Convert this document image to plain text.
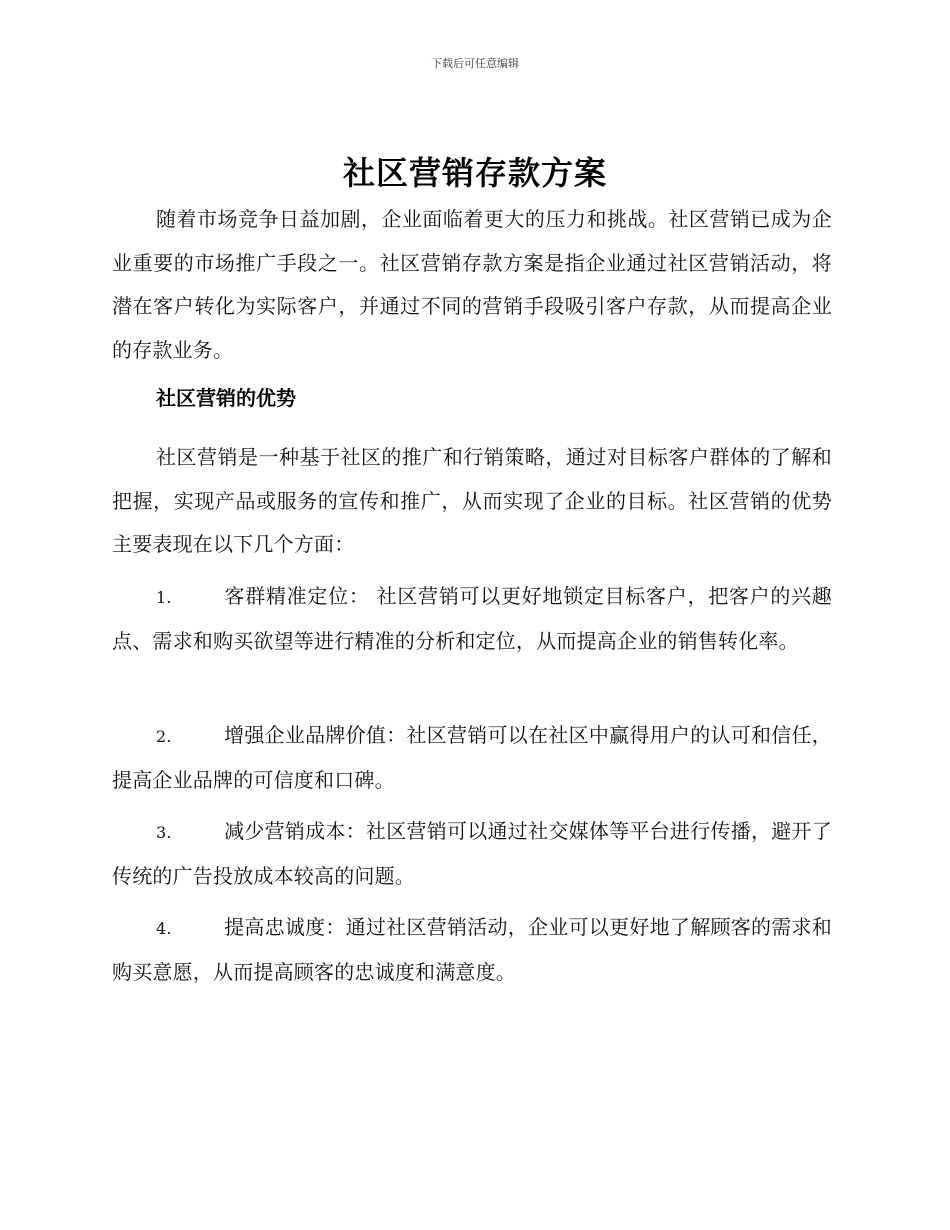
下载后可任意编辑
社区营销存款方案
随着市场竞争日益加剧，企业面临着更大的压力和挑战。社区营销已成为企业重要的市场推广手段之一。社区营销存款方案是指企业通过社区营销活动，将潜在客户转化为实际客户，并通过不同的营销手段吸引客户存款，从而提高企业的存款业务。
社区营销的优势
社区营销是一种基于社区的推广和行销策略，通过对目标客户群体的了解和把握，实现产品或服务的宣传和推广，从而实现了企业的目标。社区营销的优势主要表现在以下几个方面：
1.	客群精准定位： 社区营销可以更好地锁定目标客户，把客户的兴趣点、需求和购买欲望等进行精准的分析和定位，从而提高企业的销售转化率。
2.	增强企业品牌价值：社区营销可以在社区中赢得用户的认可和信任，提高企业品牌的可信度和口碑。
3.	减少营销成本：社区营销可以通过社交媒体等平台进行传播，避开了传统的广告投放成本较高的问题。
4.	提高忠诚度：通过社区营销活动，企业可以更好地了解顾客的需求和购买意愿，从而提高顾客的忠诚度和满意度。
